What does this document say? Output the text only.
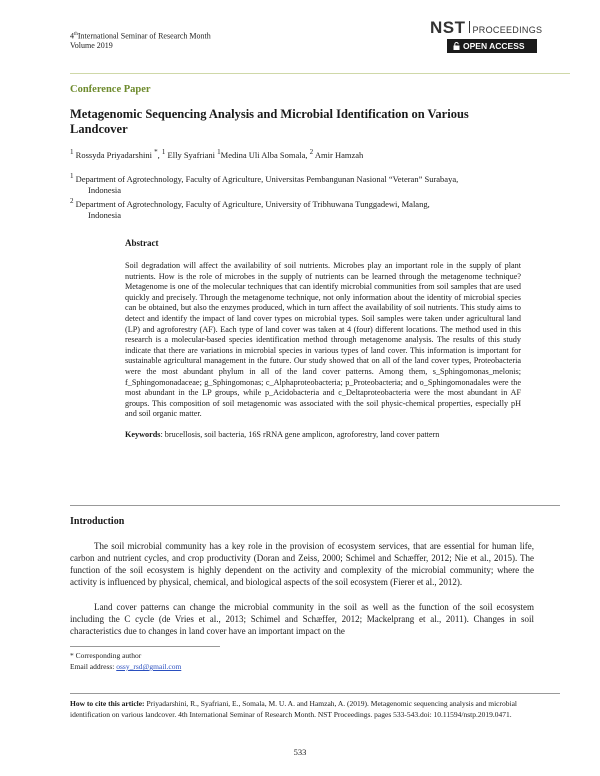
4thInternational Seminar of Research Month
Volume 2019
NST PROCEEDINGS
OPEN ACCESS
Conference Paper
Metagenomic Sequencing Analysis and Microbial Identification on Various Landcover
$^1$ Rossyda Priyadarshini *, $^1$ Elly Syafriani $^1$Medina Uli Alba Somala, $^2$ Amir Hamzah
$^1$ Department of Agrotechnology, Faculty of Agriculture, Universitas Pembangunan Nasional “Veteran” Surabaya,
Indonesia
$^2$ Department of Agrotechnology, Faculty of Agriculture, University of Tribhuwana Tunggadewi, Malang,
Indonesia
Abstract
Soil degradation will affect the availability of soil nutrients. Microbes play an important role in the supply of plant nutrients. How is the role of microbes in the supply of nutrients can be learned through the metagenome technique? Metagenome is one of the molecular techniques that can identify microbial communities from soil samples that are used quickly and precisely. Through the metagenome technique, not only information about the identity of microbial species can be obtained, but also the enzymes produced, which in turn affect the availability of soil nutrients. This study aims to detect and identify the impact of land cover types on microbial types. Soil samples were taken under agricultural land (LP) and agroforestry (AF). Each type of land cover was taken at 4 (four) different locations. The method used in this research is a molecular-based species identification method through metagenome analysis. The results of this study indicate that there are variations in microbial species in various types of land cover. This information is important for sustainable agricultural management in the future. Our study showed that on all of the land cover types, Proteobacteria were the most abundant phylum in all of the land cover patterns. Among them, s_Sphingomonas_melonis; f_Sphingomonadaceae; g_Sphingomonas; c_Alphaproteobacteria; p_Proteobacteria; and o_Sphingomonadales were the most abundant in the LP groups, while p_Acidobacteria and c_Deltaproteobacteria were the most abundant in AF groups. This composition of soil metagenomic was associated with the soil physic-chemical properties, especially pH and soil organic matter.
Keywords: brucellosis, soil bacteria, 16S rRNA gene amplicon, agroforestry, land cover pattern
Introduction
The soil microbial community has a key role in the provision of ecosystem services, that are essential for human life, carbon and nutrient cycles, and crop productivity (Doran and Zeiss, 2000; Schimel and Schæffer, 2012; Nie et al., 2015). The function of the soil ecosystem is highly dependent on the activity and complexity of the microbial community; where the activity is influenced by physical, chemical, and biological aspects of the soil ecosystem (Fierer et al., 2012).
Land cover patterns can change the microbial community in the soil as well as the function of the soil ecosystem including the C cycle (de Vries et al., 2013; Schimel and Schæffer, 2012; Mackelprang et al., 2011). Changes in soil characteristics due to changes in land cover have an important impact on the
* Corresponding author
Email address: ossy_rsd@gmail.com
How to cite this article: Priyadarshini, R., Syafriani, E., Somala, M. U. A. and Hamzah, A. (2019). Metagenomic sequencing analysis and microbial identification on various landcover. 4th International Seminar of Research Month. NST Proceedings. pages 533-543.doi: 10.11594/nstp.2019.0471.
533
